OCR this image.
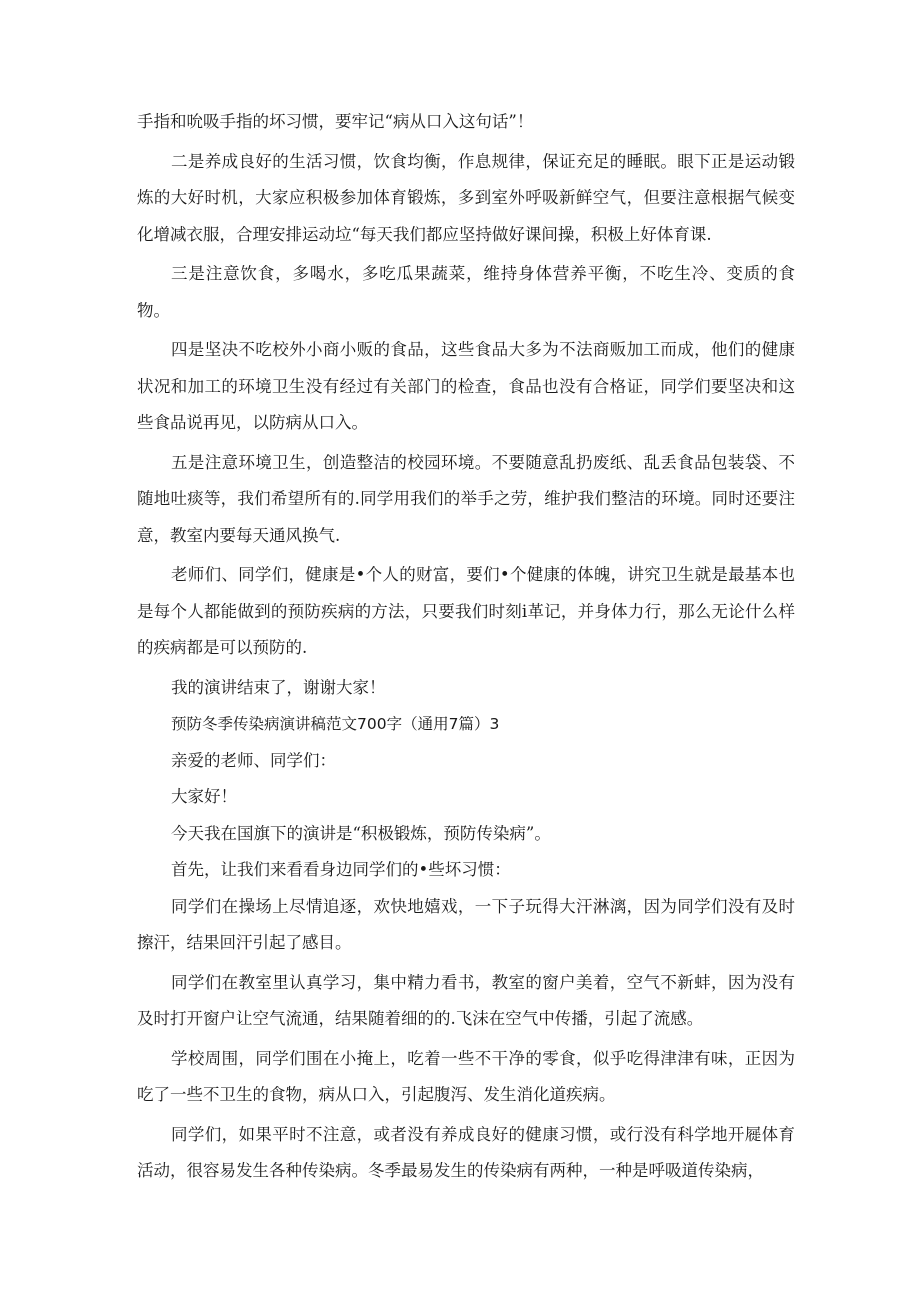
手指和吮吸手指的坏习惯，要牢记“病从口入这句话”！

二是养成良好的生活习惯，饮食均衡，作息规律，保证充足的睡眠。眼下正是运动锻炼的大好时机，大家应积极参加体育锻炼，多到室外呼吸新鲜空气，但要注意根据气候变化增减衣服，合理安排运动垃“每天我们都应坚持做好课间操，积极上好体育课.

三是注意饮食，多喝水，多吃瓜果蔬菜，维持身体营养平衡，不吃生冷、变质的食物。

四是坚决不吃校外小商小贩的食品，这些食品大多为不法商贩加工而成，他们的健康状况和加工的环境卫生没有经过有关部门的检查，食品也没有合格证，同学们要坚决和这些食品说再见，以防病从口入。

五是注意环境卫生，创造整洁的校园环境。不要随意乱扔废纸、乱丢食品包装袋、不随地吐痰等，我们希望所有的.同学用我们的举手之劳，维护我们整洁的环境。同时还要注意，教室内要每天通风换气.

老师们、同学们，健康是•个人的财富，要们•个健康的体魄，讲究卫生就是最基本也是每个人都能做到的预防疾病的方法，只要我们时刻i革记，并身体力行，那么无论什么样的疾病都是可以预防的.

我的演讲结束了，谢谢大家！

预防冬季传染病演讲稿范文700字（通用7篇）3

亲爱的老师、同学们：

大家好！

今天我在国旗下的演讲是“积极锻炼，预防传染病”。

首先，让我们来看看身边同学们的•些坏习惯：

同学们在操场上尽情追逐，欢快地嬉戏，一下子玩得大汗淋漓，因为同学们没有及时擦汗，结果回汗引起了感目。

同学们在教室里认真学习，集中精力看书，教室的窗户美着，空气不新蚌，因为没有及时打开窗户让空气流通，结果随着细的的.飞沫在空气中传播，引起了流感。

学校周围，同学们围在小掩上，吃着一些不干净的零食，似乎吃得津津有味，正因为吃了一些不卫生的食物，病从口入，引起腹泻、发生消化道疾病。

同学们，如果平时不注意，或者没有养成良好的健康习惯，或行没有科学地开屣体育活动，很容易发生各种传染病。冬季最易发生的传染病有两种，一种是呼吸道传染病，
